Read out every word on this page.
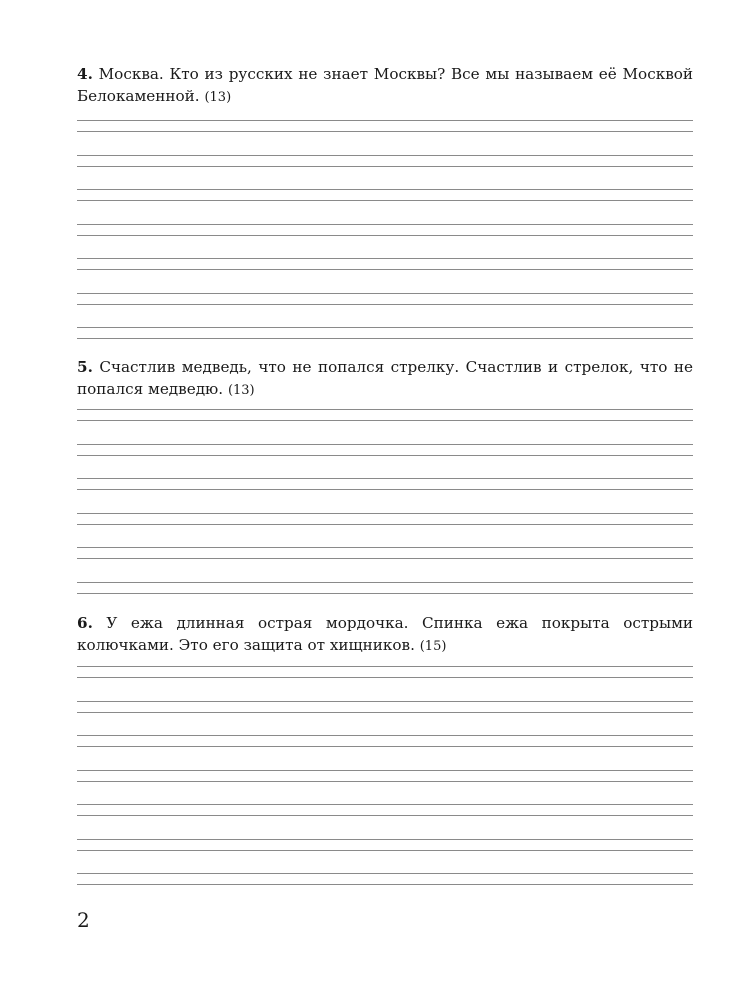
4. Москва. Кто из русских не знает Москвы? Все мы называем её Москвой Белокаменной. (13)

5. Счастлив медведь, что не попался стрелку. Счастлив и стрелок, что не попался медведю. (13)

6. У ежа длинная острая мордочка. Спинка ежа покрыта острыми колючками. Это его защита от хищников. (15)

2
